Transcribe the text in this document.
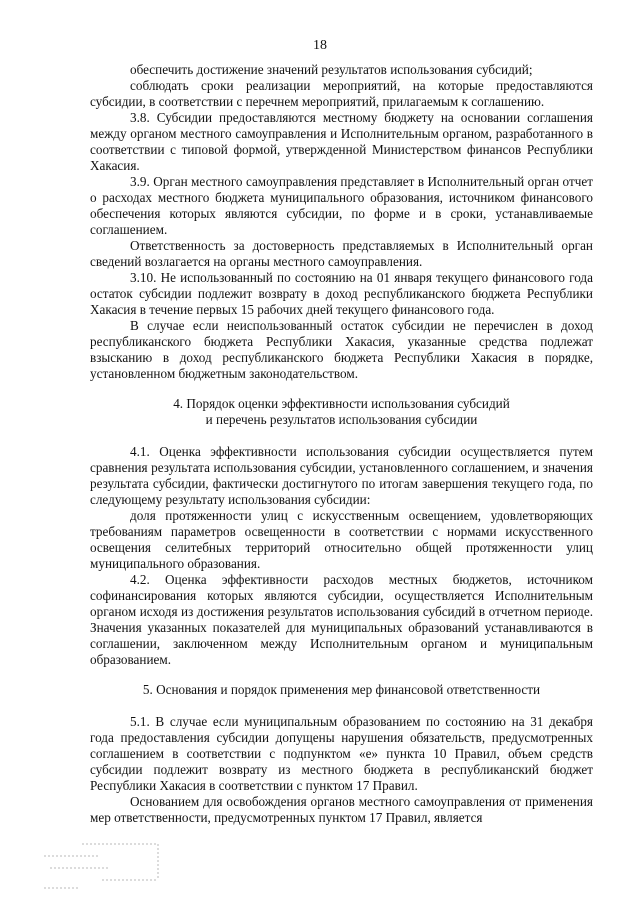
18

обеспечить достижение значений результатов использования субсидий;

соблюдать сроки реализации мероприятий, на которые предоставляются субсидии, в соответствии с перечнем мероприятий, прилагаемым к соглашению.

3.8. Субсидии предоставляются местному бюджету на основании соглашения между органом местного самоуправления и Исполнительным органом, разработанного в соответствии с типовой формой, утвержденной Министерством финансов Республики Хакасия.

3.9. Орган местного самоуправления представляет в Исполнительный орган отчет о расходах местного бюджета муниципального образования, источником финансового обеспечения которых являются субсидии, по форме и в сроки, устанавливаемые соглашением.

Ответственность за достоверность представляемых в Исполнительный орган сведений возлагается на органы местного самоуправления.

3.10. Не использованный по состоянию на 01 января текущего финансового года остаток субсидии подлежит возврату в доход республиканского бюджета Республики Хакасия в течение первых 15 рабочих дней текущего финансового года.

В случае если неиспользованный остаток субсидии не перечислен в доход республиканского бюджета Республики Хакасия, указанные средства подлежат взысканию в доход республиканского бюджета Республики Хакасия в порядке, установленном бюджетным законодательством.

4. Порядок оценки эффективности использования субсидий
и перечень результатов использования субсидии

4.1. Оценка эффективности использования субсидии осуществляется путем сравнения результата использования субсидии, установленного соглашением, и значения результата субсидии, фактически достигнутого по итогам завершения текущего года, по следующему результату использования субсидии:

доля протяженности улиц с искусственным освещением, удовлетворяющих требованиям параметров освещенности в соответствии с нормами искусственного освещения селитебных территорий относительно общей протяженности улиц муниципального образования.

4.2. Оценка эффективности расходов местных бюджетов, источником софинансирования которых являются субсидии, осуществляется Исполнительным органом исходя из достижения результатов использования субсидий в отчетном периоде. Значения указанных показателей для муниципальных образований устанавливаются в соглашении, заключенном между Исполнительным органом и муниципальным образованием.

5. Основания и порядок применения мер финансовой ответственности

5.1. В случае если муниципальным образованием по состоянию на 31 декабря года предоставления субсидии допущены нарушения обязательств, предусмотренных соглашением в соответствии с подпунктом «е» пункта 10 Правил, объем средств субсидии подлежит возврату из местного бюджета в республиканский бюджет Республики Хакасия в соответствии с пунктом 17 Правил.

Основанием для освобождения органов местного самоуправления от применения мер ответственности, предусмотренных пунктом 17 Правил, является
